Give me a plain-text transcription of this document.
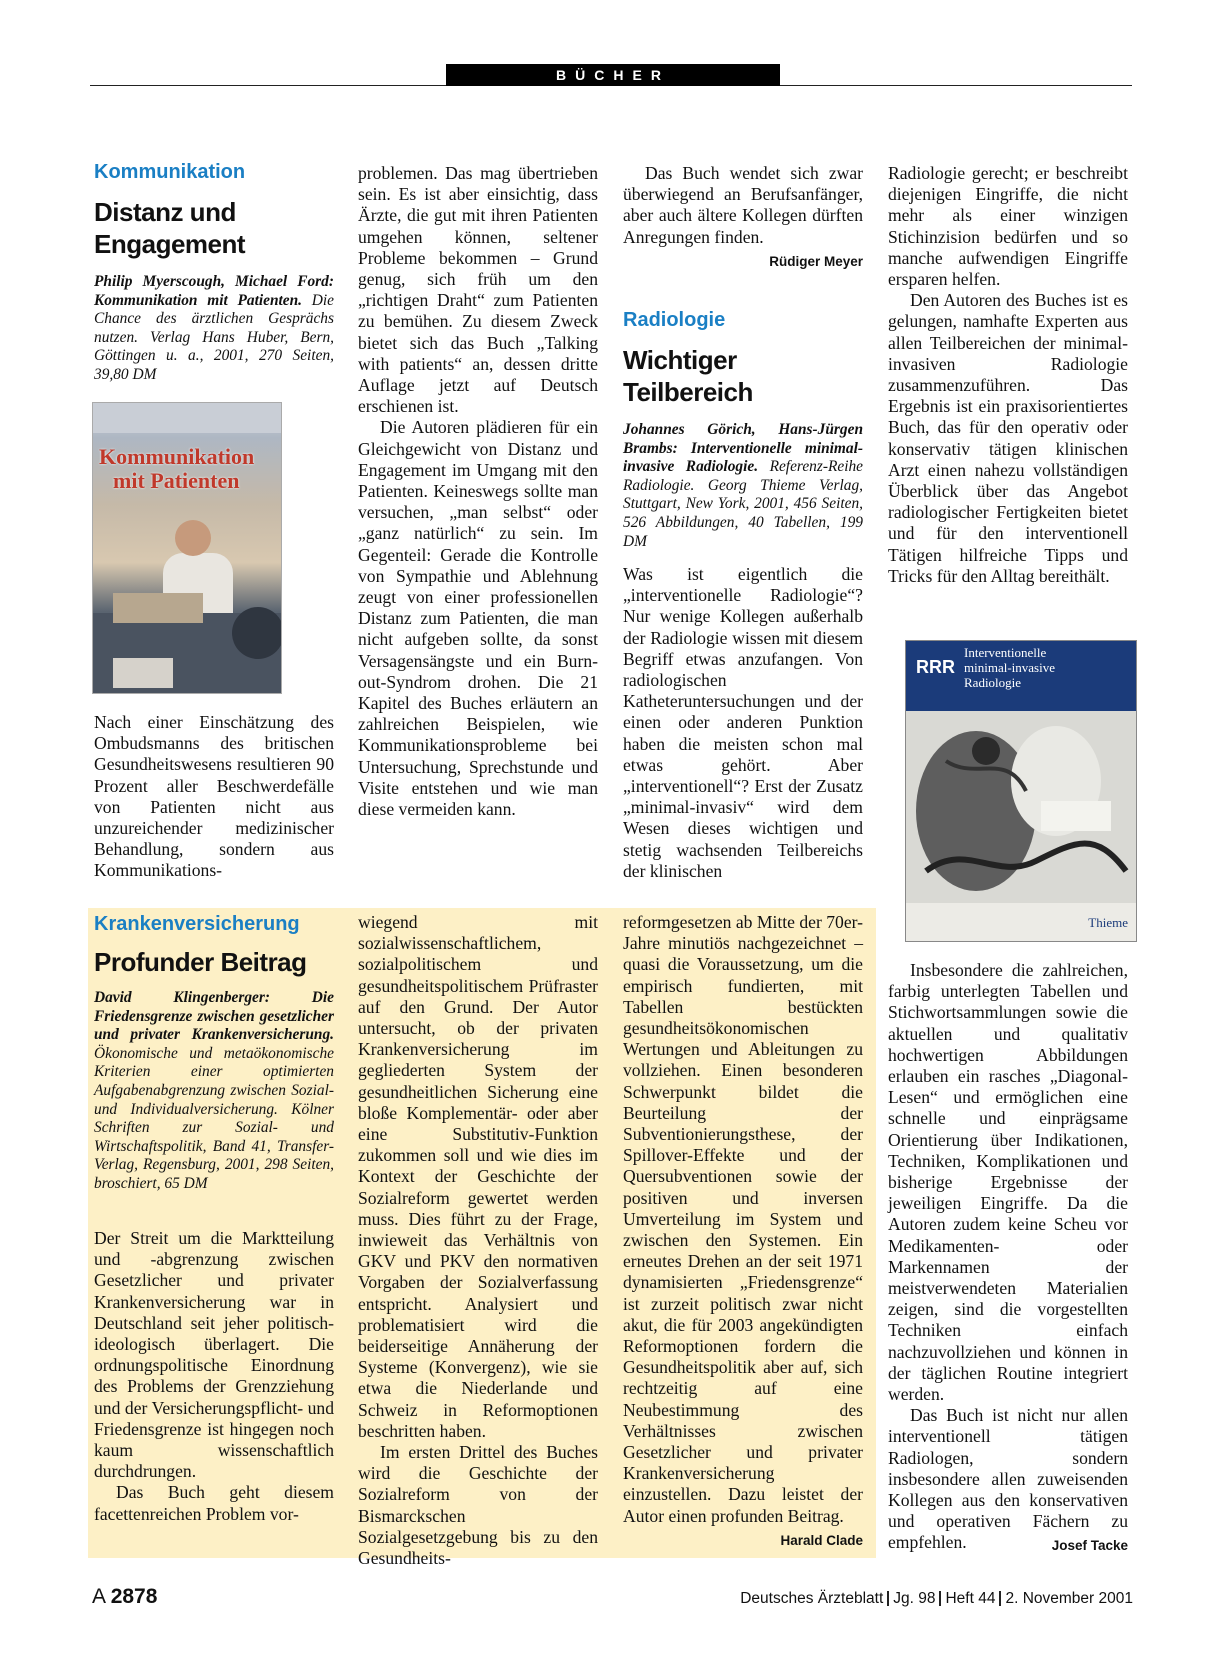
BÜCHER
Kommunikation
Distanz und
Engagement
Philip Myerscough, Michael Ford: Kommunikation mit Patienten. Die Chance des ärztlichen Gesprächs nutzen. Verlag Hans Huber, Bern, Göttingen u. a., 2001, 270 Seiten, 39,80 DM
Kommunikation
mit Patienten

Nach einer Einschätzung des Ombudsmanns des britischen Gesundheitswesens resultieren 90 Prozent aller Beschwerdefälle von Patienten nicht aus unzureichender medizinischer Behandlung, sondern aus Kommunikations-

problemen. Das mag übertrieben sein. Es ist aber einsichtig, dass Ärzte, die gut mit ihren Patienten umgehen können, seltener Probleme bekommen – Grund genug, sich früh um den „richtigen Draht“ zum Patienten zu bemühen. Zu diesem Zweck bietet sich das Buch „Talking with patients“ an, dessen dritte Auflage jetzt auf Deutsch erschienen ist.

Die Autoren plädieren für ein Gleichgewicht von Distanz und Engagement im Umgang mit den Patienten. Keineswegs sollte man versuchen, „man selbst“ oder „ganz natürlich“ zu sein. Im Gegenteil: Gerade die Kontrolle von Sympathie und Ablehnung zeugt von einer professionellen Distanz zum Patienten, die man nicht aufgeben sollte, da sonst Versagensängste und ein Burn-out-Syndrom drohen. Die 21 Kapitel des Buches erläutern an zahlreichen Beispielen, wie Kommunikationsprobleme bei Untersuchung, Sprechstunde und Visite entstehen und wie man diese vermeiden kann.

Das Buch wendet sich zwar überwiegend an Berufsanfänger, aber auch ältere Kollegen dürften Anregungen finden.
Rüdiger Meyer

Radiologie
Wichtiger
Teilbereich
Johannes Görich, Hans-Jürgen Brambs: Interventionelle minimal-invasive Radiologie. Referenz-Reihe Radiologie. Georg Thieme Verlag, Stuttgart, New York, 2001, 456 Seiten, 526 Abbildungen, 40 Tabellen, 199 DM

Was ist eigentlich die „interventionelle Radiologie“? Nur wenige Kollegen außerhalb der Radiologie wissen mit diesem Begriff etwas anzufangen. Von radiologischen Katheteruntersuchungen und der einen oder anderen Punktion haben die meisten schon mal etwas gehört. Aber „interventionell“? Erst der Zusatz „minimal-invasiv“ wird dem Wesen dieses wichtigen und stetig wachsenden Teilbereichs der klinischen

Radiologie gerecht; er beschreibt diejenigen Eingriffe, die nicht mehr als einer winzigen Stichinzision bedürfen und so manche aufwendigen Eingriffe ersparen helfen.

Den Autoren des Buches ist es gelungen, namhafte Experten aus allen Teilbereichen der minimal-invasiven Radiologie zusammenzuführen. Das Ergebnis ist ein praxisorientiertes Buch, das für den operativ oder konservativ tätigen klinischen Arzt einen nahezu vollständigen Überblick über das Angebot radiologischer Fertigkeiten bietet und für den interventionell Tätigen hilfreiche Tipps und Tricks für den Alltag bereithält.

RRR
Interventionelle
minimal-invasive
Radiologie
Thieme

Insbesondere die zahlreichen, farbig unterlegten Tabellen und Stichwortsammlungen sowie die aktuellen und qualitativ hochwertigen Abbildungen erlauben ein rasches „Diagonal-Lesen“ und ermöglichen eine schnelle und einprägsame Orientierung über Indikationen, Techniken, Komplikationen und bisherige Ergebnisse der jeweiligen Eingriffe. Da die Autoren zudem keine Scheu vor Medikamenten- oder Markennamen der meistverwendeten Materialien zeigen, sind die vorgestellten Techniken einfach nachzuvollziehen und können in der täglichen Routine integriert werden.

Das Buch ist nicht nur allen interventionell tätigen Radiologen, sondern insbesondere allen zuweisenden Kollegen aus den konservativen und operativen Fächern zu empfehlen.	Josef Tacke

Krankenversicherung
Profunder Beitrag
David Klingenberger: Die Friedensgrenze zwischen gesetzlicher und privater Krankenversicherung. Ökonomische und metaökonomische Kriterien einer optimierten Aufgabenabgrenzung zwischen Sozial- und Individualversicherung. Kölner Schriften zur Sozial- und Wirtschaftspolitik, Band 41, Transfer-Verlag, Regensburg, 2001, 298 Seiten, broschiert, 65 DM

Der Streit um die Marktteilung und -abgrenzung zwischen Gesetzlicher und privater Krankenversicherung war in Deutschland seit jeher politisch-ideologisch überlagert. Die ordnungspolitische Einordnung des Problems der Grenzziehung und der Versicherungspflicht- und Friedensgrenze ist hingegen noch kaum wissenschaftlich durchdrungen.

Das Buch geht diesem facettenreichen Problem vor-

wiegend mit sozialwissenschaftlichem, sozialpolitischem und gesundheitspolitischem Prüfraster auf den Grund. Der Autor untersucht, ob der privaten Krankenversicherung im gegliederten System der gesundheitlichen Sicherung eine bloße Komplementär- oder aber eine Substitutiv-Funktion zukommen soll und wie dies im Kontext der Geschichte der Sozialreform gewertet werden muss. Dies führt zu der Frage, inwieweit das Verhältnis von GKV und PKV den normativen Vorgaben der Sozialverfassung entspricht. Analysiert und problematisiert wird die beiderseitige Annäherung der Systeme (Konvergenz), wie sie etwa die Niederlande und Schweiz in Reformoptionen beschritten haben.

Im ersten Drittel des Buches wird die Geschichte der Sozialreform von der Bismarckschen Sozialgesetzgebung bis zu den Gesundheits-

reformgesetzen ab Mitte der 70er-Jahre minutiös nachgezeichnet – quasi die Voraussetzung, um die empirisch fundierten, mit Tabellen bestückten gesundheitsökonomischen Wertungen und Ableitungen zu vollziehen. Einen besonderen Schwerpunkt bildet die Beurteilung der Subventionierungsthese, der Spillover-Effekte und der Quersubventionen sowie der positiven und inversen Umverteilung im System und zwischen den Systemen. Ein erneutes Drehen an der seit 1971 dynamisierten „Friedensgrenze“ ist zurzeit politisch zwar nicht akut, die für 2003 angekündigten Reformoptionen fordern die Gesundheitspolitik aber auf, sich rechtzeitig auf eine Neubestimmung des Verhältnisses zwischen Gesetzlicher und privater Krankenversicherung einzustellen. Dazu leistet der Autor einen profunden Beitrag.
Harald Clade

A 2878	Deutsches Ärzteblatt Jg. 98 Heft 44 2. November 2001
